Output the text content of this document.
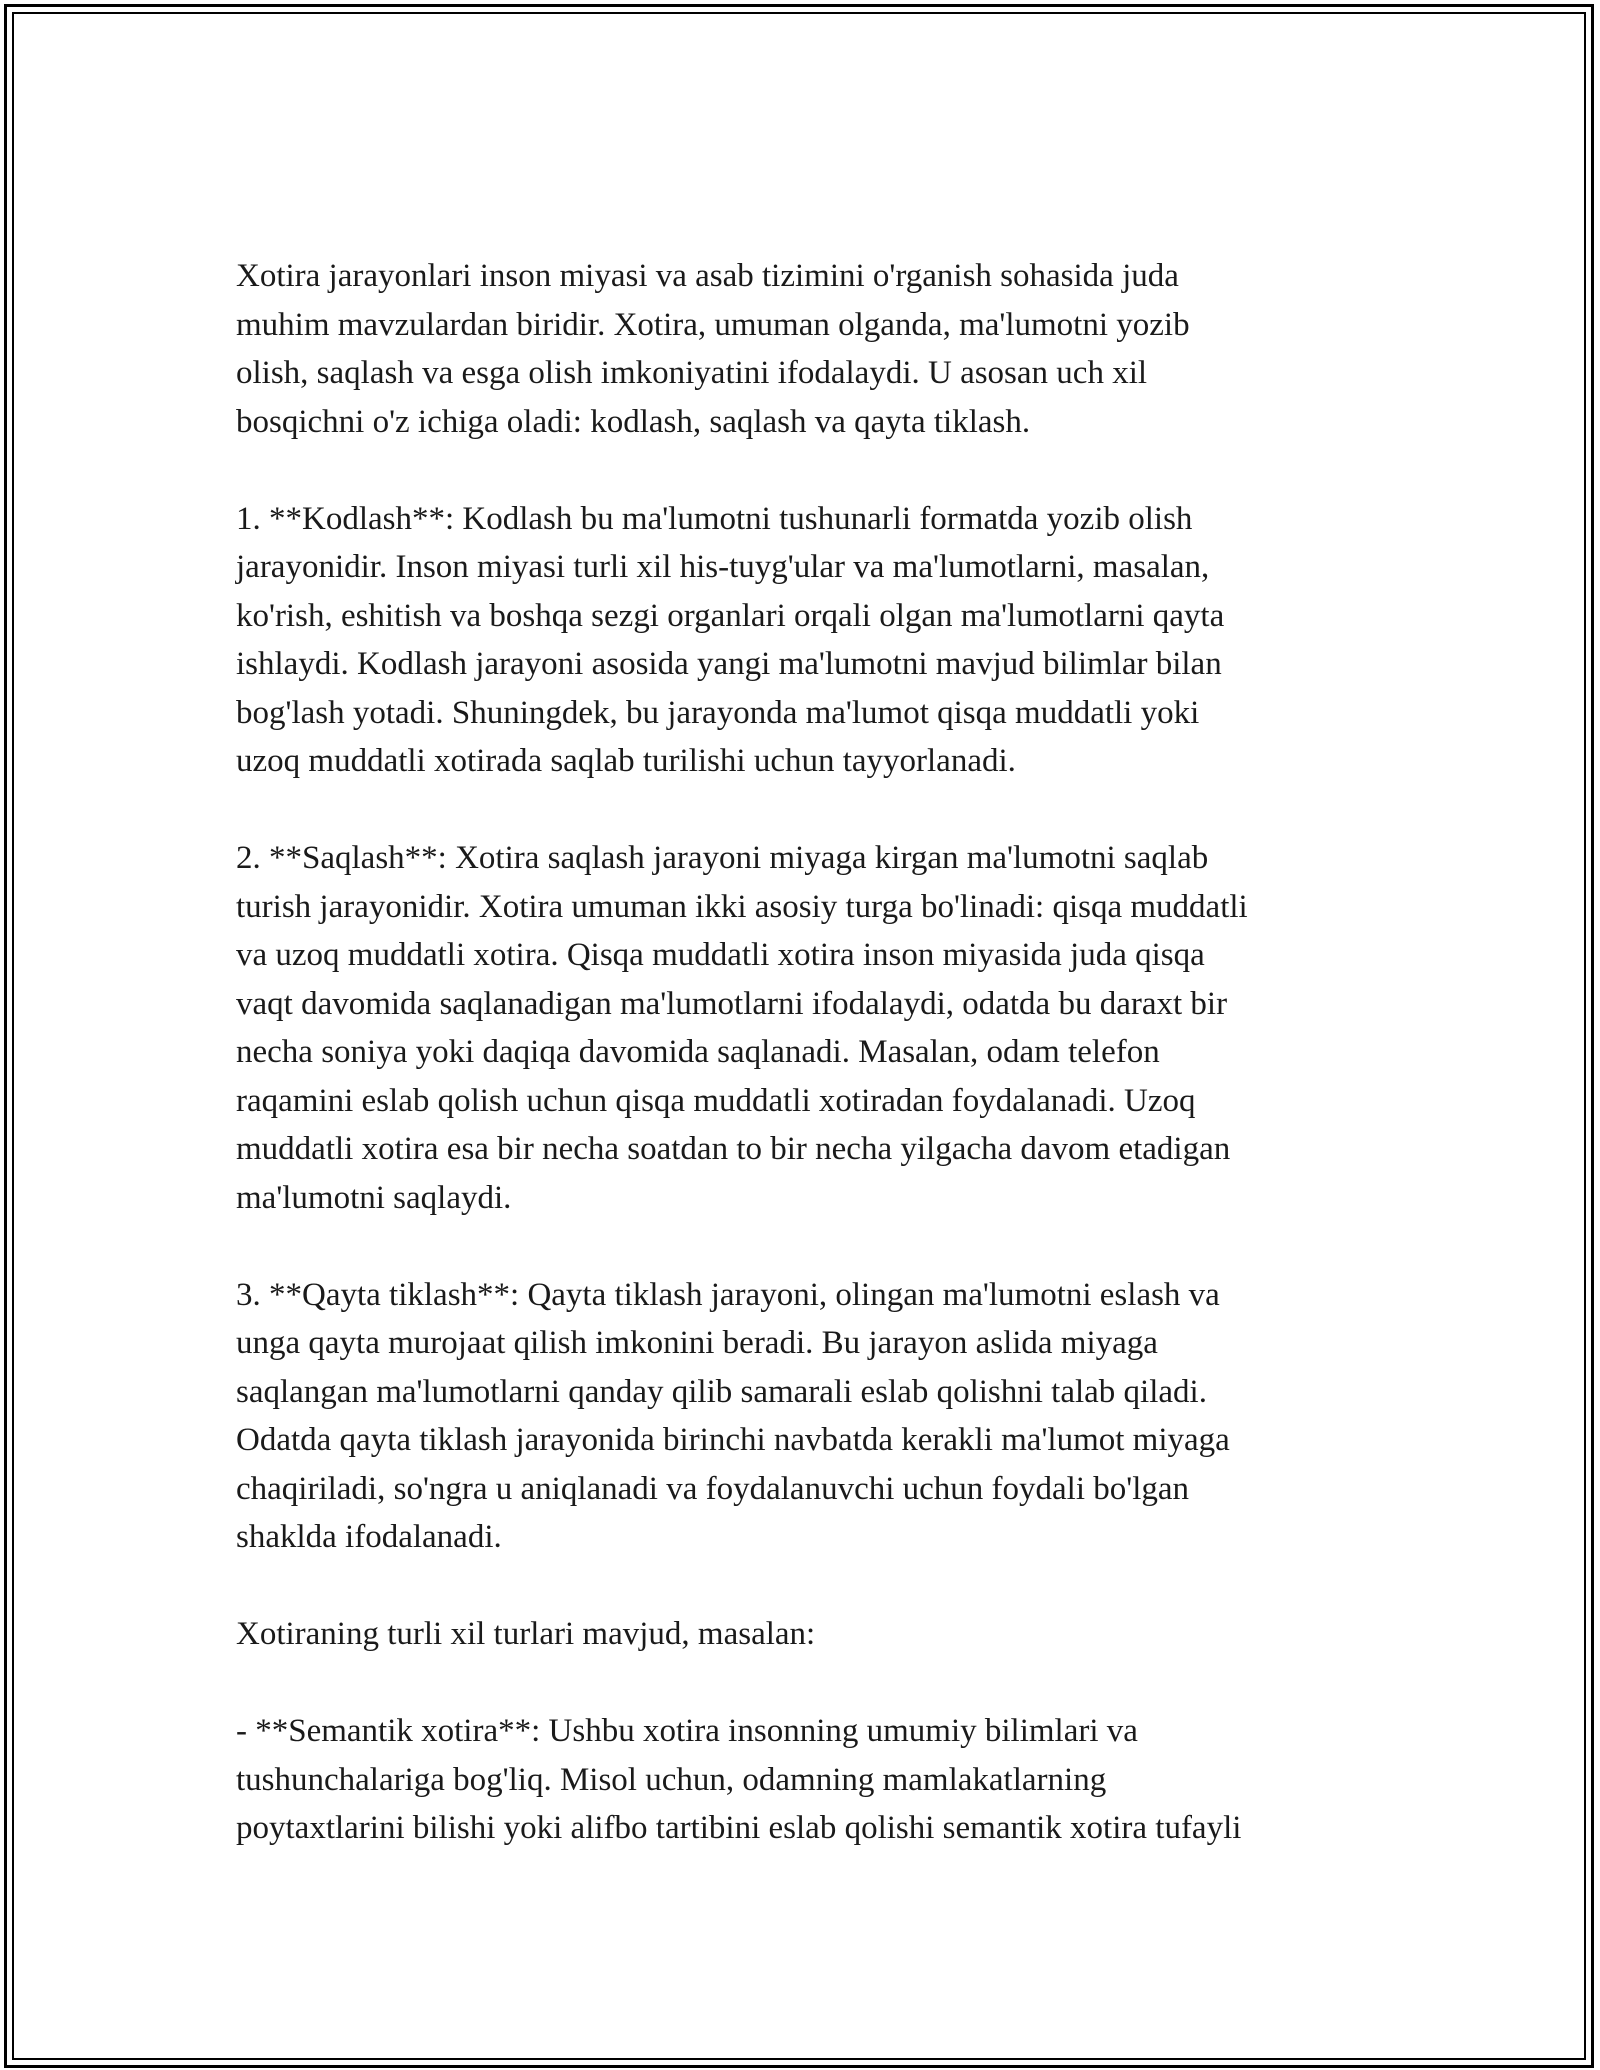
Xotira jarayonlari inson miyasi va asab tizimini o'rganish sohasida juda
muhim mavzulardan biridir. Xotira, umuman olganda, ma'lumotni yozib
olish, saqlash va esga olish imkoniyatini ifodalaydi. U asosan uch xil
bosqichni o'z ichiga oladi: kodlash, saqlash va qayta tiklash.

1. **Kodlash**: Kodlash bu ma'lumotni tushunarli formatda yozib olish
jarayonidir. Inson miyasi turli xil his-tuyg'ular va ma'lumotlarni, masalan,
ko'rish, eshitish va boshqa sezgi organlari orqali olgan ma'lumotlarni qayta
ishlaydi. Kodlash jarayoni asosida yangi ma'lumotni mavjud bilimlar bilan
bog'lash yotadi. Shuningdek, bu jarayonda ma'lumot qisqa muddatli yoki
uzoq muddatli xotirada saqlab turilishi uchun tayyorlanadi.

2. **Saqlash**: Xotira saqlash jarayoni miyaga kirgan ma'lumotni saqlab
turish jarayonidir. Xotira umuman ikki asosiy turga bo'linadi: qisqa muddatli
va uzoq muddatli xotira. Qisqa muddatli xotira inson miyasida juda qisqa
vaqt davomida saqlanadigan ma'lumotlarni ifodalaydi, odatda bu daraxt bir
necha soniya yoki daqiqa davomida saqlanadi. Masalan, odam telefon
raqamini eslab qolish uchun qisqa muddatli xotiradan foydalanadi. Uzoq
muddatli xotira esa bir necha soatdan to bir necha yilgacha davom etadigan
ma'lumotni saqlaydi.

3. **Qayta tiklash**: Qayta tiklash jarayoni, olingan ma'lumotni eslash va
unga qayta murojaat qilish imkonini beradi. Bu jarayon aslida miyaga
saqlangan ma'lumotlarni qanday qilib samarali eslab qolishni talab qiladi.
Odatda qayta tiklash jarayonida birinchi navbatda kerakli ma'lumot miyaga
chaqiriladi, so'ngra u aniqlanadi va foydalanuvchi uchun foydali bo'lgan
shaklda ifodalanadi.

Xotiraning turli xil turlari mavjud, masalan:

- **Semantik xotira**: Ushbu xotira insonning umumiy bilimlari va
tushunchalariga bog'liq. Misol uchun, odamning mamlakatlarning
poytaxtlarini bilishi yoki alifbo tartibini eslab qolishi semantik xotira tufayli
